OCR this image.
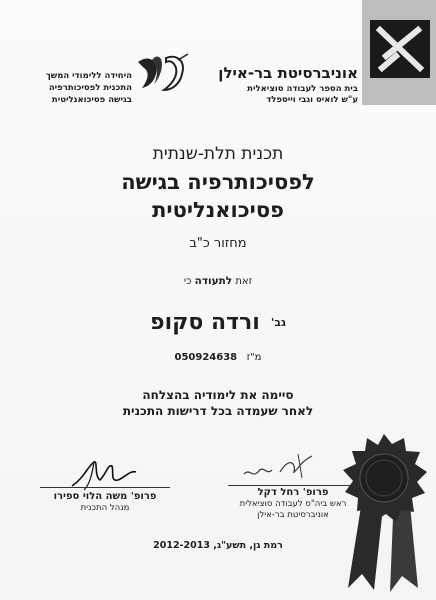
היחידה ללימודי המשך
התכנית לפסיכותרפיה
בגישה פסיכואנליטית
אוניברסיטת בר-אילן
בית הספר לעבודה סוציאלית
ע"ש לואיס וגבי וייספלד
תכנית תלת-שנתית
לפסיכותרפיה בגישה
פסיכואנליטית
מחזור כ"ב
זאת לתעודה כי
גב' ורדה סקופ
מ"ז 050924638
סיימה את לימודיה בהצלחה
לאחר שעמדה בכל דרישות התכנית
פרופ' משה הלוי ספירו
מנהל התכנית
פרופ' רחל דקל
ראש ביה"ס לעבודה סוציאלית
אוניברסיטת בר-אילן
רמת גן, תשע"ג, 2012-2013
